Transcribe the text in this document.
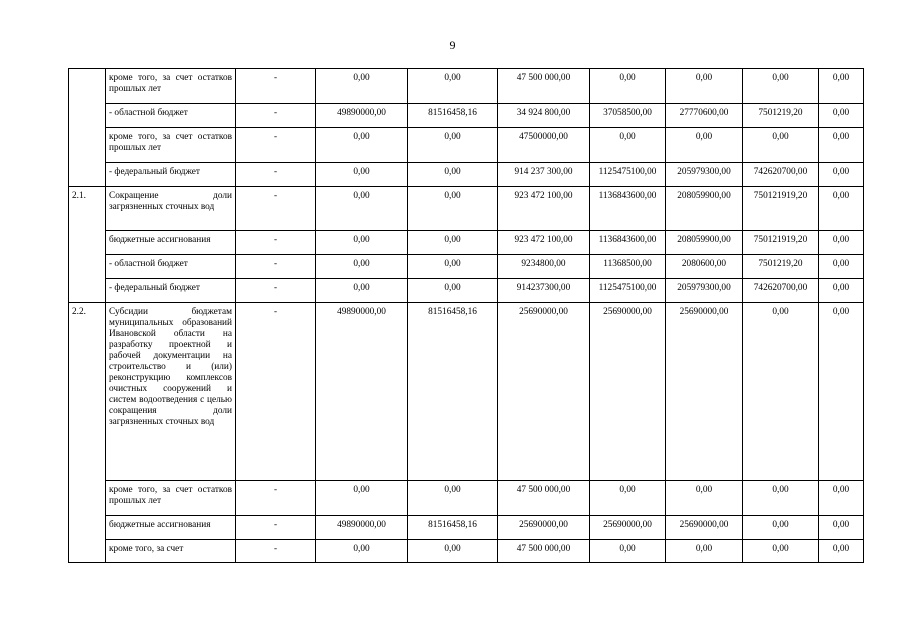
9
	кроме того, за счет остатков прошлых лет	-	0,00	0,00	47 500 000,00	0,00	0,00	0,00	0,00
	- областной бюджет	-	49890000,00	81516458,16	34 924 800,00	37058500,00	27770600,00	7501219,20	0,00
	кроме того, за счет остатков прошлых лет	-	0,00	0,00	47500000,00	0,00	0,00	0,00	0,00
	- федеральный бюджет	-	0,00	0,00	914 237 300,00	1125475100,00	205979300,00	742620700,00	0,00
2.1.	Сокращение доли загрязненных сточных вод	-	0,00	0,00	923 472 100,00	1136843600,00	208059900,00	750121919,20	0,00
	бюджетные ассигнования	-	0,00	0,00	923 472 100,00	1136843600,00	208059900,00	750121919,20	0,00
	- областной бюджет	-	0,00	0,00	9234800,00	11368500,00	2080600,00	7501219,20	0,00
	- федеральный бюджет	-	0,00	0,00	914237300,00	1125475100,00	205979300,00	742620700,00	0,00
2.2.	Субсидии бюджетам муниципальных образований Ивановской области на разработку проектной и рабочей документации на строительство и (или) реконструкцию комплексов очистных сооружений и систем водоотведения с целью сокращения доли загрязненных сточных вод	-	49890000,00	81516458,16	25690000,00	25690000,00	25690000,00	0,00	0,00
	кроме того, за счет остатков прошлых лет	-	0,00	0,00	47 500 000,00	0,00	0,00	0,00	0,00
	бюджетные ассигнования	-	49890000,00	81516458,16	25690000,00	25690000,00	25690000,00	0,00	0,00
	кроме того, за счет	-	0,00	0,00	47 500 000,00	0,00	0,00	0,00	0,00
